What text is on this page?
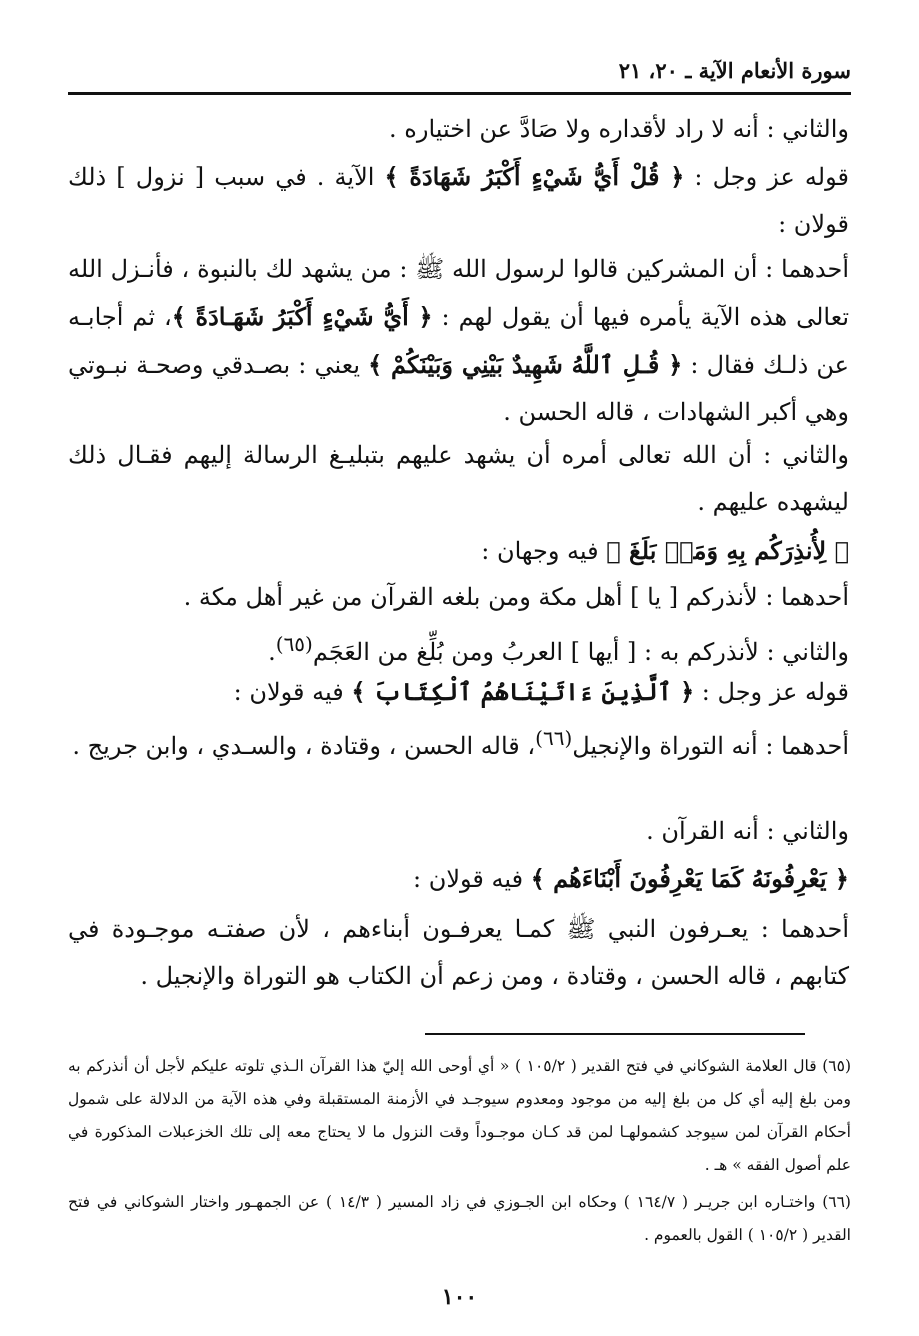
سورة الأنعام الآية ـ ٢٠، ٢١

والثاني : أنه لا راد لأقداره ولا صَادَّ عن اختياره .

قوله عز وجل : ﴿ قُلْ أَيُّ شَيْءٍ أَكْبَرُ شَهَادَةً ﴾ الآية . في سبب [ نزول ] ذلك قولان :

أحدهما : أن المشركين قالوا لرسول الله ﷺ : من يشهد لك بالنبوة ، فأنـزل الله تعالى هذه الآية يأمره فيها أن يقول لهم : ﴿ أَيُّ شَيْءٍ أَكْبَرُ شَهَـادَةً ﴾، ثم أجابـه عن ذلـك فقال : ﴿ قُـلِ ٱللَّهُ شَهِيدٌ بَيْنِي وَبَيْنَكُمْ ﴾ يعني : بصـدقي وصحـة نبـوتي وهي أكبر الشهادات ، قاله الحسن .

والثاني : أن الله تعالى أمره أن يشهد عليهم بتبليـغ الرسالة إليهم فقـال ذلك ليشهده عليهم .

﴿ لِأُنذِرَكُم بِهِ وَمَنۢ بَلَغَ ﴾ فيه وجهان :

أحدهما : لأنذركم [ يا ] أهل مكة ومن بلغه القرآن من غير أهل مكة .

والثاني : لأنذركم به : [ أيها ] العربُ ومن بُلِّغ من العَجَم$^{(٦٥)}$.

قوله عز وجل : ﴿ ٱلَّذِينَ ءَاتَيْنَاهُمُ ٱلْكِتَابَ ﴾ فيه قولان :

أحدهما : أنه التوراة والإنجيل$^{(٦٦)}$، قاله الحسن ، وقتادة ، والسـدي ، وابن جريج .

والثاني : أنه القرآن .

﴿ يَعْرِفُونَهُ كَمَا يَعْرِفُونَ أَبْنَاءَهُم ﴾ فيه قولان :

أحدهما : يعـرفون النبي ﷺ كمـا يعرفـون أبناءهم ، لأن صفتـه موجـودة في كتابهم ، قاله الحسن ، وقتادة ، ومن زعم أن الكتاب هو التوراة والإنجيل .

(٦٥) قال العلامة الشوكاني في فتح القدير ( ١٠٥/٢ ) « أي أوحى الله إليّ هذا القرآن الـذي تلوته عليكم لأجل أن أنذركم به ومن بلغ إليه أي كل من بلغ إليه من موجود ومعدوم سيوجـد في الأزمنة المستقبلة وفي هذه الآية من الدلالة على شمول أحكام القرآن لمن سيوجد كشمولهـا لمن قد كـان موجـوداً وقت النزول ما لا يحتاج معه إلى تلك الخزعبلات المذكورة في علم أصول الفقه » هـ .

(٦٦) واختـاره ابن جريـر ( ١٦٤/٧ ) وحكاه ابن الجـوزي في زاد المسير ( ١٤/٣ ) عن الجمهـور واختار الشوكاني في فتح القدير ( ١٠٥/٢ ) القول بالعموم .

١٠٠
